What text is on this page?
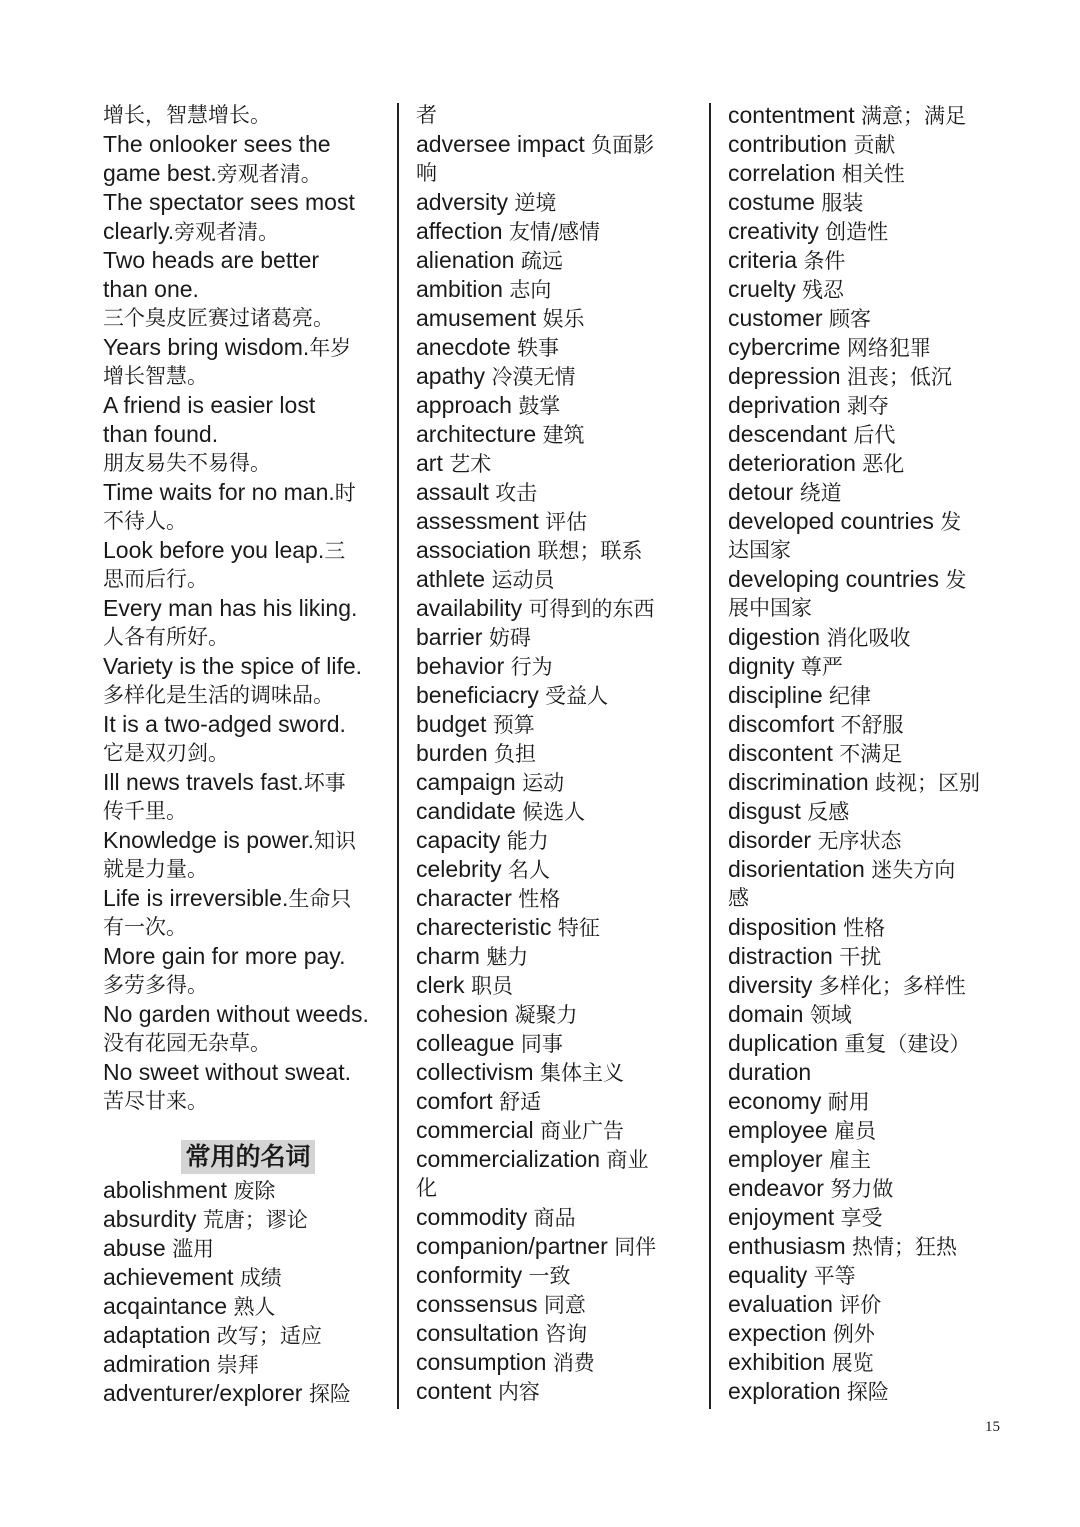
增长，智慧增长。
The onlooker sees the
game best.旁观者清。
The spectator sees most
clearly.旁观者清。
Two heads are better
than one.
三个臭皮匠赛过诸葛亮。
Years bring wisdom.年岁
增长智慧。
A friend is easier lost
than found.
朋友易失不易得。
Time waits for no man.时
不待人。
Look before you leap.三
思而后行。
Every man has his liking.
人各有所好。
Variety is the spice of life.
多样化是生活的调味品。
It is a two-adged sword.
它是双刃剑。
Ill news travels fast.坏事
传千里。
Knowledge is power.知识
就是力量。
Life is irreversible.生命只
有一次。
More gain for more pay.
多劳多得。
No garden without weeds.
没有花园无杂草。
No sweet without sweat.
苦尽甘来。
常用的名词
abolishment 废除
absurdity 荒唐；谬论
abuse 滥用
achievement 成绩
acqaintance 熟人
adaptation 改写；适应
admiration 崇拜
adventurer/explorer 探险
者
adversee impact 负面影
响
adversity 逆境
affection 友情/感情
alienation 疏远
ambition 志向
amusement 娱乐
anecdote 轶事
apathy 冷漠无情
approach 鼓掌
architecture 建筑
art 艺术
assault 攻击
assessment 评估
association 联想；联系
athlete 运动员
availability 可得到的东西
barrier 妨碍
behavior 行为
beneficiacry 受益人
budget 预算
burden 负担
campaign 运动
candidate 候选人
capacity 能力
celebrity 名人
character 性格
charecteristic 特征
charm 魅力
clerk 职员
cohesion 凝聚力
colleague 同事
collectivism 集体主义
comfort 舒适
commercial 商业广告
commercialization 商业
化
commodity 商品
companion/partner 同伴
conformity 一致
conssensus 同意
consultation 咨询
consumption 消费
content 内容
contentment 满意；满足
contribution 贡献
correlation 相关性
costume 服装
creativity 创造性
criteria 条件
cruelty 残忍
customer 顾客
cybercrime 网络犯罪
depression 沮丧；低沉
deprivation 剥夺
descendant 后代
deterioration 恶化
detour 绕道
developed countries 发
达国家
developing countries 发
展中国家
digestion 消化吸收
dignity 尊严
discipline 纪律
discomfort 不舒服
discontent 不满足
discrimination 歧视；区别
disgust 反感
disorder 无序状态
disorientation 迷失方向
感
disposition 性格
distraction 干扰
diversity 多样化；多样性
domain 领域
duplication 重复（建设）
duration
economy 耐用
employee 雇员
employer 雇主
endeavor 努力做
enjoyment 享受
enthusiasm 热情；狂热
equality 平等
evaluation 评价
expection 例外
exhibition 展览
exploration 探险
15
